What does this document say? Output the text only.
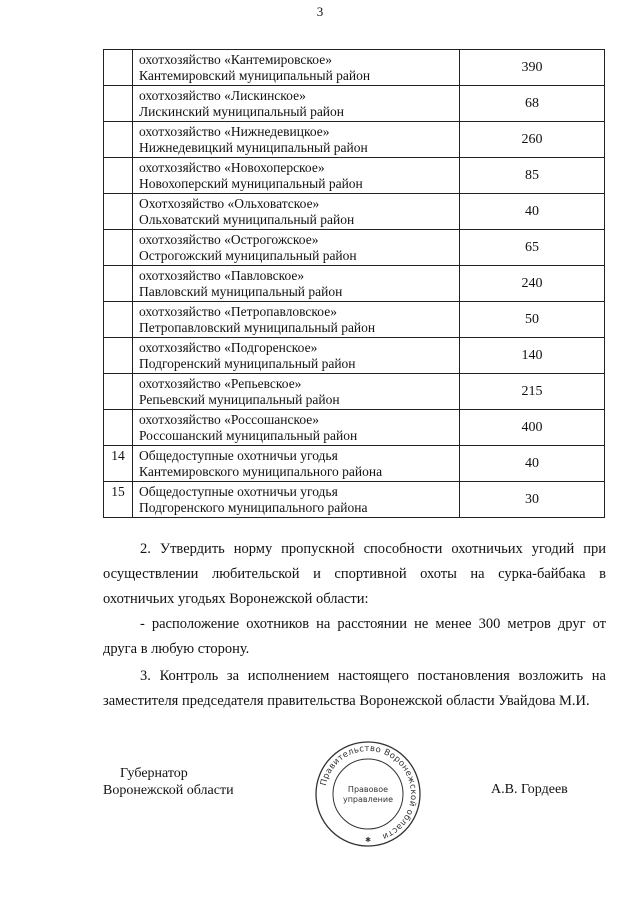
3

	охотхозяйство «Кантемировское»
Кантемировский муниципальный район	390

	охотхозяйство «Лискинское»
Лискинский муниципальный район	68

	охотхозяйство «Нижнедевицкое»
Нижнедевицкий муниципальный район	260

	охотхозяйство «Новохоперское»
Новохоперский муниципальный район	85

	Охотхозяйство «Ольховатское»
Ольховатский муниципальный район	40

	охотхозяйство «Острогожское»
Острогожский муниципальный район	65

	охотхозяйство «Павловское»
Павловский муниципальный район	240

	охотхозяйство «Петропавловское»
Петропавловский муниципальный район	50

	охотхозяйство «Подгоренское»
Подгоренский муниципальный район	140

	охотхозяйство «Репьевское»
Репьевский муниципальный район	215

	охотхозяйство «Россошанское»
Россошанский муниципальный район	400
14	Общедоступные охотничьи угодья
Кантемировского муниципального района	40
15	Общедоступные охотничьи угодья
Подгоренского муниципального района	30
2. Утвердить норму пропускной способности охотничьих угодий при осуществлении любительской и спортивной охоты на сурка-байбака в охотничьих угодьях Воронежской области:
- расположение охотников на расстоянии не менее 300 метров друг от друга в любую сторону.
3. Контроль за исполнением настоящего постановления возложить на заместителя председателя правительства Воронежской области Увайдова М.И.
Губернатор
Воронежской области	А.В. Гордеев
Правительство Воронежской области
Правовое
управление
✱
